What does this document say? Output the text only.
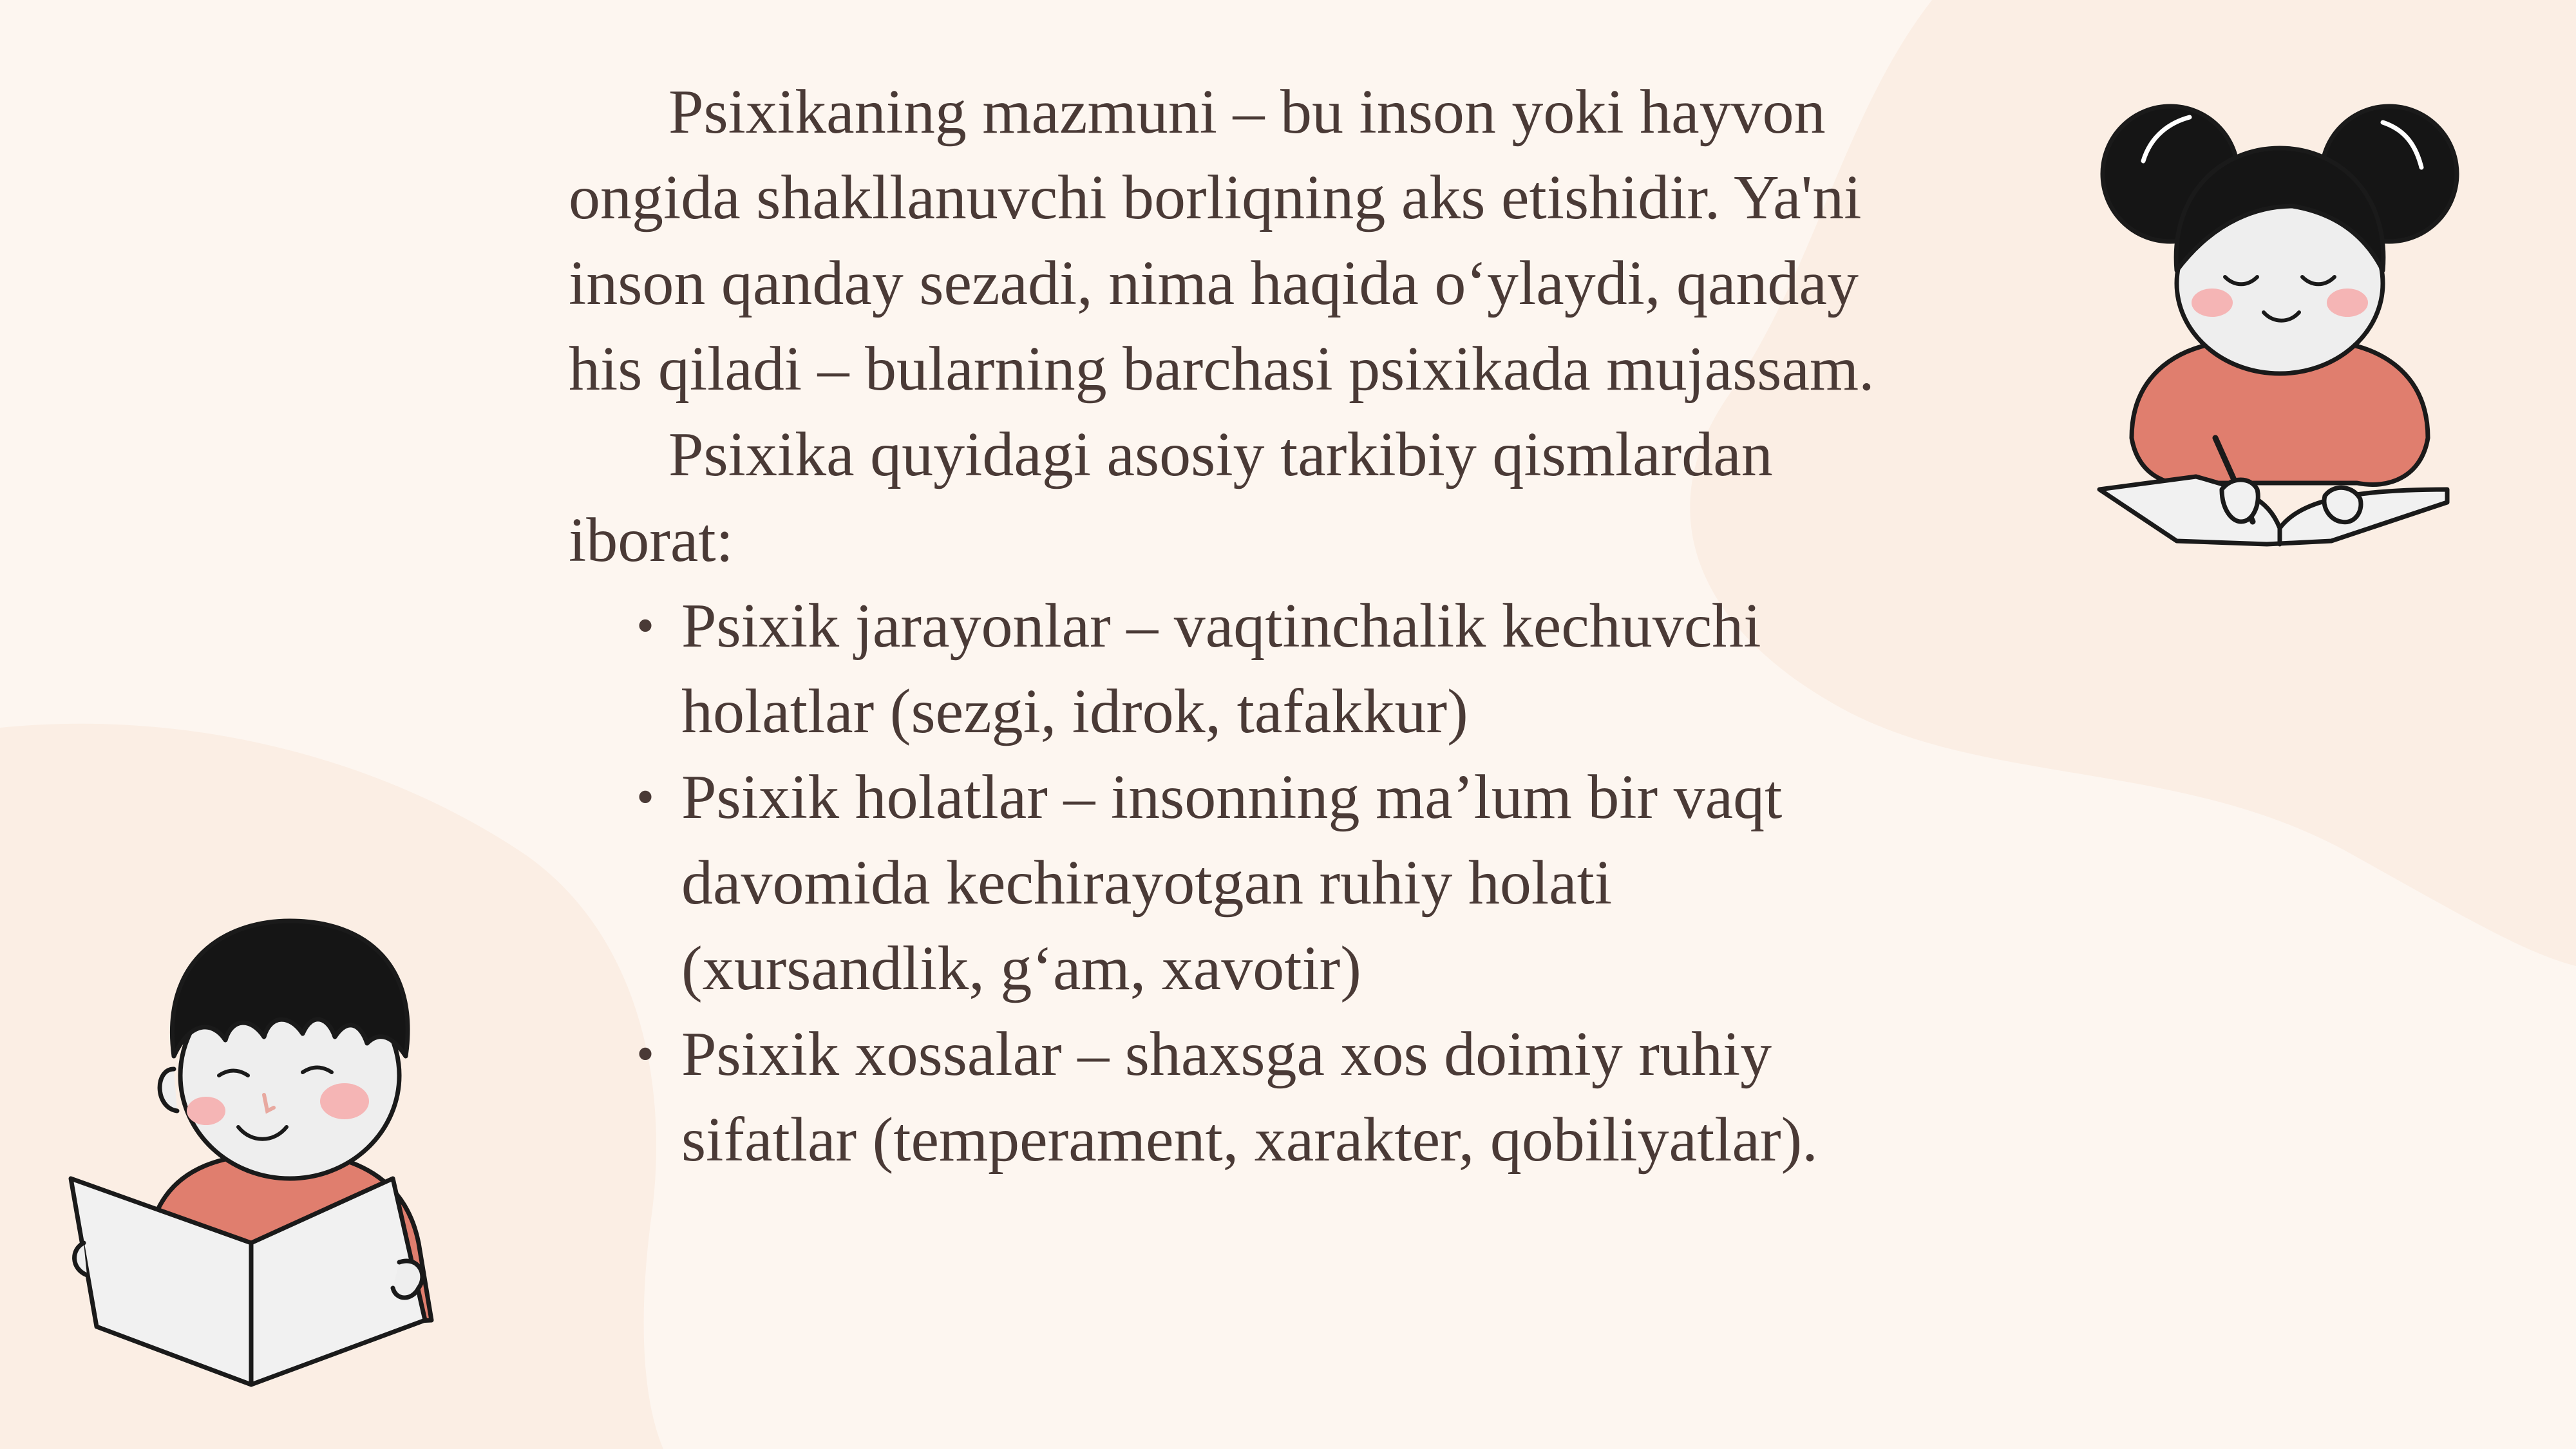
Psixikaning mazmuni – bu inson yoki hayvon ongida shakllanuvchi borliqning aks etishidir. Ya'ni inson qanday sezadi, nima haqida o‘ylaydi, qanday his qiladi – bularning barchasi psixikada mujassam.

Psixika quyidagi asosiy tarkibiy qismlardan iborat:

• Psixik jarayonlar – vaqtinchalik kechuvchi holatlar (sezgi, idrok, tafakkur)
• Psixik holatlar – insonning ma’lum bir vaqt davomida kechirayotgan ruhiy holati (xursandlik, g‘am, xavotir)
• Psixik xossalar – shaxsga xos doimiy ruhiy sifatlar (temperament, xarakter, qobiliyatlar).
